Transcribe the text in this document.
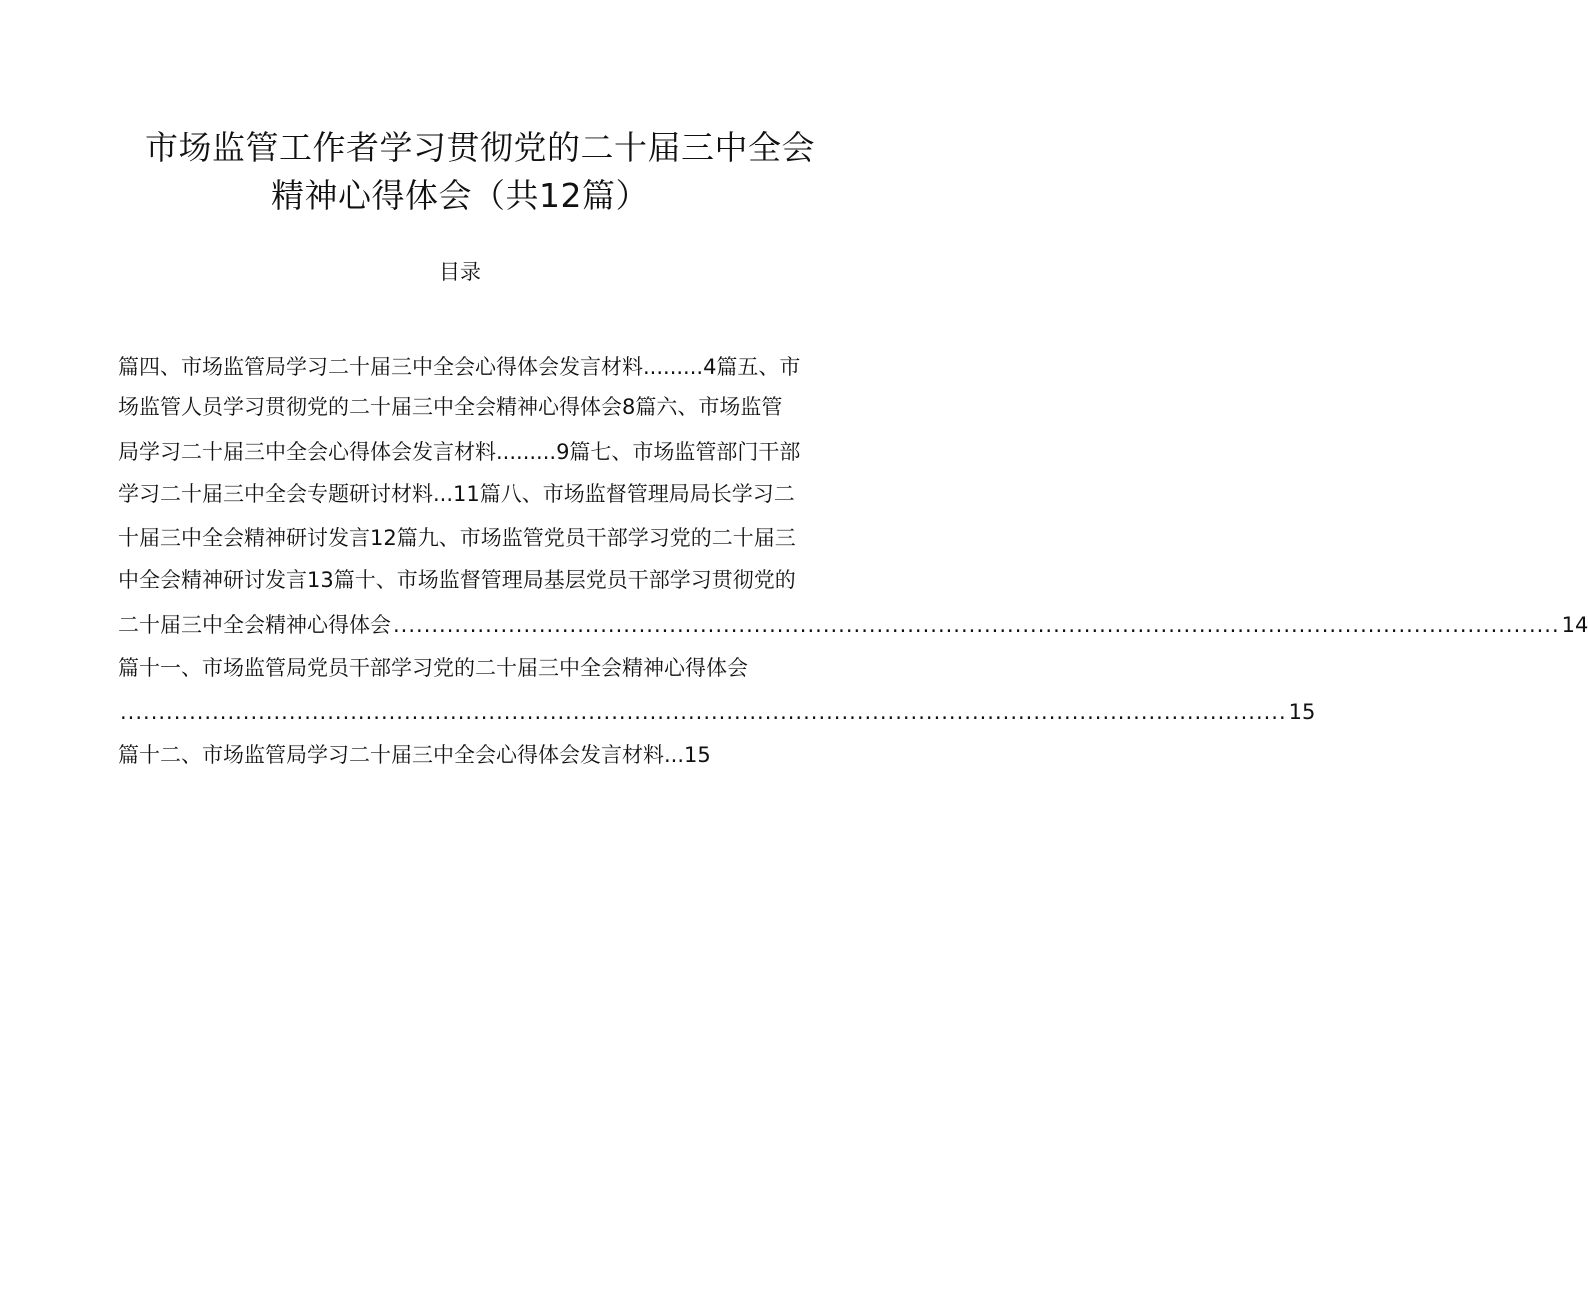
市场监管工作者学习贯彻党的二十届三中全会
精神心得体会（共12篇）
目录
篇四、市场监管局学习二十届三中全会心得体会发言材料.........4篇五、市
场监管人员学习贯彻党的二十届三中全会精神心得体会8篇六、市场监管
局学习二十届三中全会心得体会发言材料.........9篇七、市场监管部门干部
学习二十届三中全会专题研讨材料...11篇八、市场监督管理局局长学习二
十届三中全会精神研讨发言12篇九、市场监管党员干部学习党的二十届三
中全会精神研讨发言13篇十、市场监督管理局基层党员干部学习贯彻党的
二十届三中全会精神心得体会 ........................................................................................................................................................ 14
篇十一、市场监管局党员干部学习党的二十届三中全会精神心得体会
........................................................................................................................................................ 15
篇十二、市场监管局学习二十届三中全会心得体会发言材料...15
